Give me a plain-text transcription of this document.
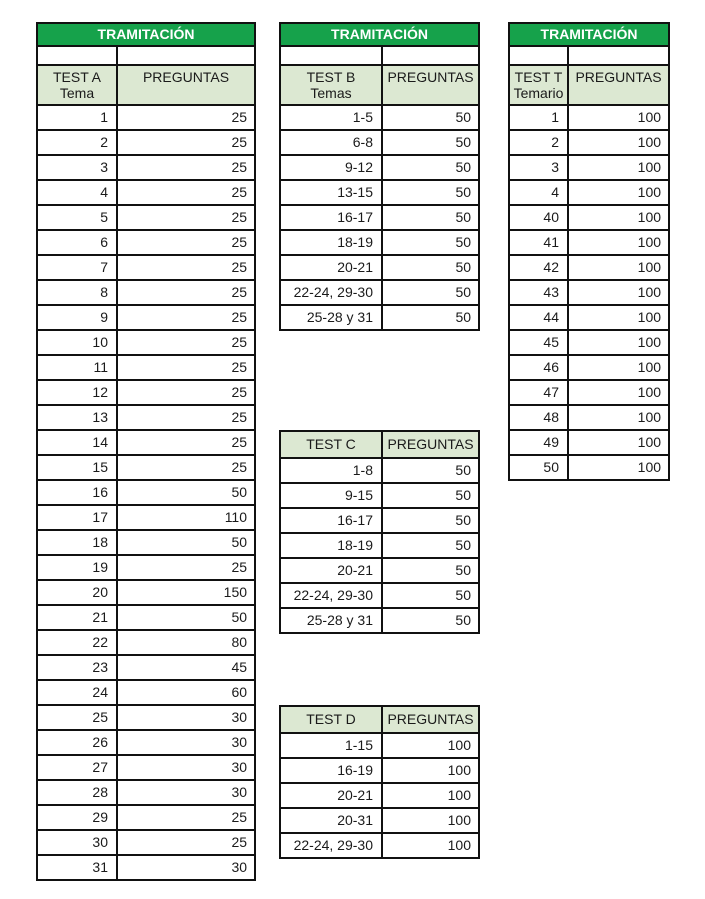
TRAMITACIÓN	

TEST A
Tema	PREGUNTAS
1	25
2	25
3	25
4	25
5	25
6	25
7	25
8	25
9	25
10	25
11	25
12	25
13	25
14	25
15	25
16	50
17	110
18	50
19	25
20	150
21	50
22	80
23	45
24	60
25	30
26	30
27	30
28	30
29	25
30	25
31	30
TRAMITACIÓN	

TEST B
Temas	PREGUNTAS
1-5	50
6-8	50
9-12	50
13-15	50
16-17	50
18-19	50
20-21	50
22-24, 29-30	50
25-28 y 31	50
TEST C	PREGUNTAS
1-8	50
9-15	50
16-17	50
18-19	50
20-21	50
22-24, 29-30	50
25-28 y 31	50
TEST D	PREGUNTAS
1-15	100
16-19	100
20-21	100
20-31	100
22-24, 29-30	100
TRAMITACIÓN	

TEST T
Temario	PREGUNTAS
1	100
2	100
3	100
4	100
40	100
41	100
42	100
43	100
44	100
45	100
46	100
47	100
48	100
49	100
50	100
